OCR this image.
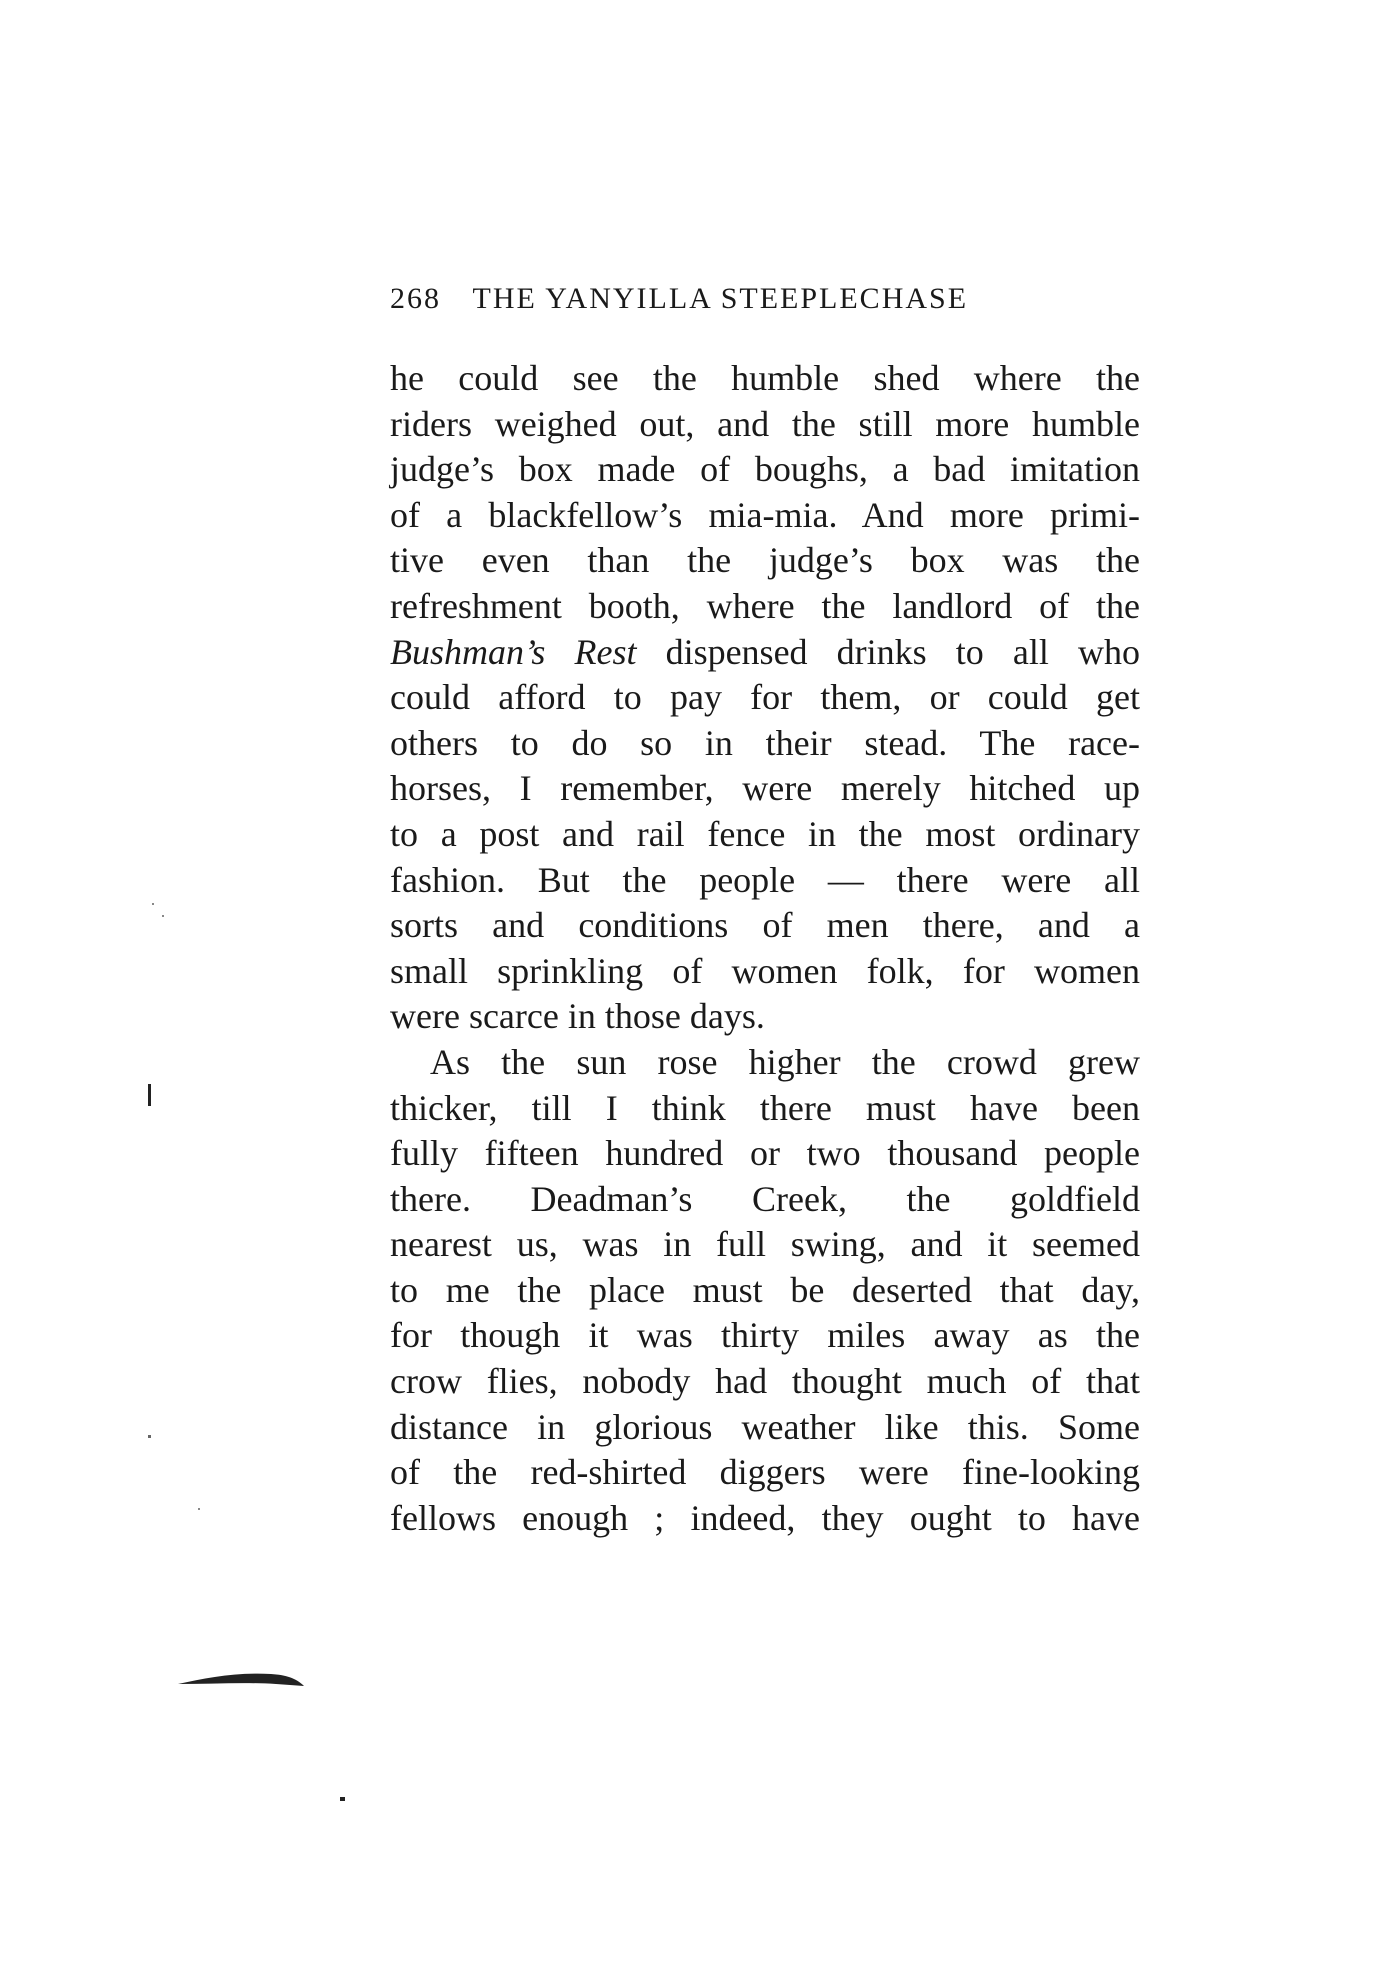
268 THE YANYILLA STEEPLECHASE
he could see the humble shed where the
riders weighed out, and the still more humble
judge’s box made of boughs, a bad imitation
of a blackfellow’s mia-mia. And more primi-
tive even than the judge’s box was the
refreshment booth, where the landlord of the
Bushman’s Rest dispensed drinks to all who
could afford to pay for them, or could get
others to do so in their stead. The race-
horses, I remember, were merely hitched up
to a post and rail fence in the most ordinary
fashion. But the people — there were all
sorts and conditions of men there, and a
small sprinkling of women folk, for women
were scarce in those days.
As the sun rose higher the crowd grew
thicker, till I think there must have been
fully fifteen hundred or two thousand people
there. Deadman’s Creek, the goldfield
nearest us, was in full swing, and it seemed
to me the place must be deserted that day,
for though it was thirty miles away as the
crow flies, nobody had thought much of that
distance in glorious weather like this. Some
of the red-shirted diggers were fine-looking
fellows enough ; indeed, they ought to have
